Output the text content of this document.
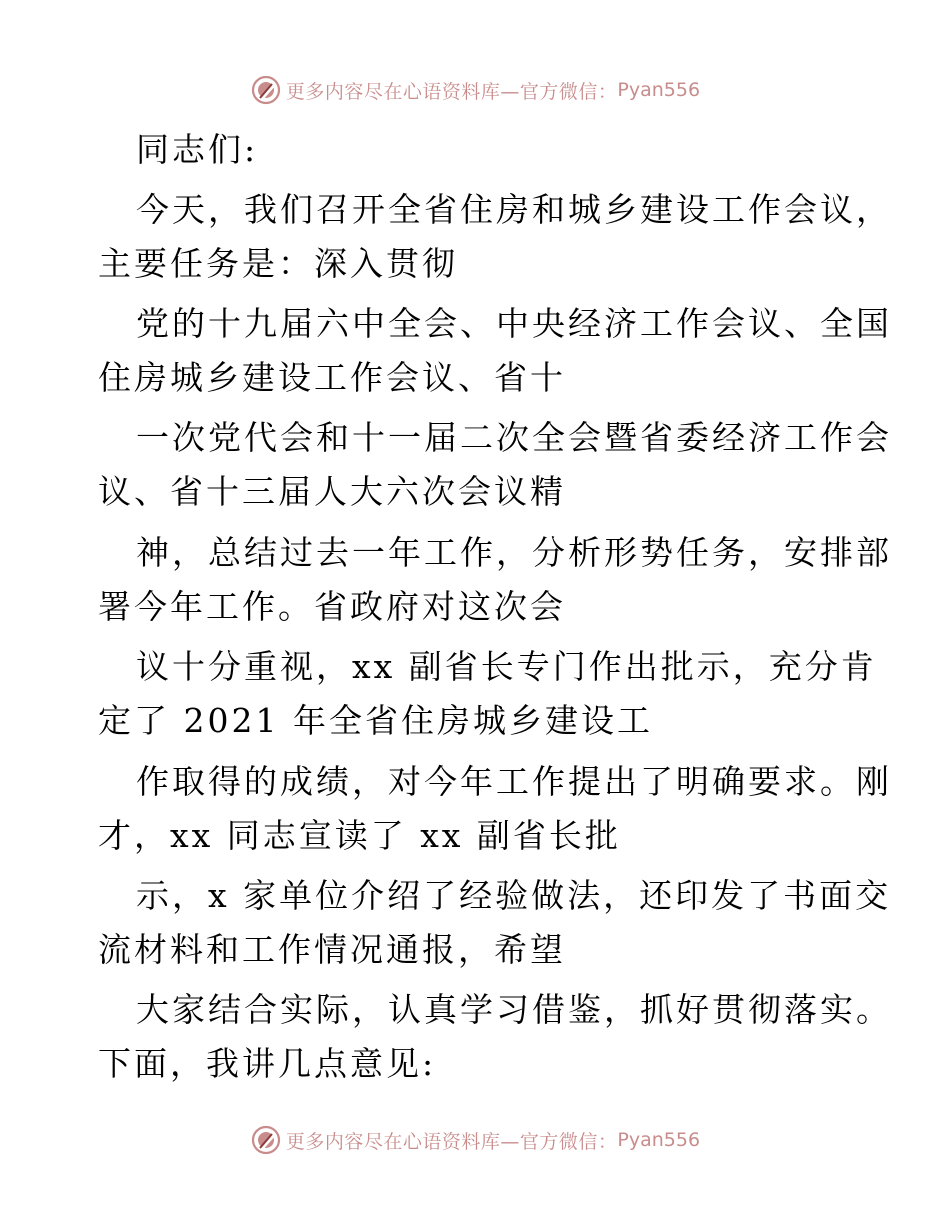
更多内容尽在心语资料库—官方微信： Pyan556
同志们:
今天，我们召开全省住房和城乡建设工作会议，
主要任务是：深入贯彻
党的十九届六中全会、中央经济工作会议、全国
住房城乡建设工作会议、省十
一次党代会和十一届二次全会暨省委经济工作会
议、省十三届人大六次会议精
神，总结过去一年工作，分析形势任务，安排部
署今年工作。省政府对这次会
议十分重视，xx 副省长专门作出批示，充分肯
定了 2021 年全省住房城乡建设工
作取得的成绩，对今年工作提出了明确要求。刚
才，xx 同志宣读了 xx 副省长批
示，x 家单位介绍了经验做法，还印发了书面交
流材料和工作情况通报，希望
大家结合实际，认真学习借鉴，抓好贯彻落实。
下面，我讲几点意见:
更多内容尽在心语资料库—官方微信： Pyan556
